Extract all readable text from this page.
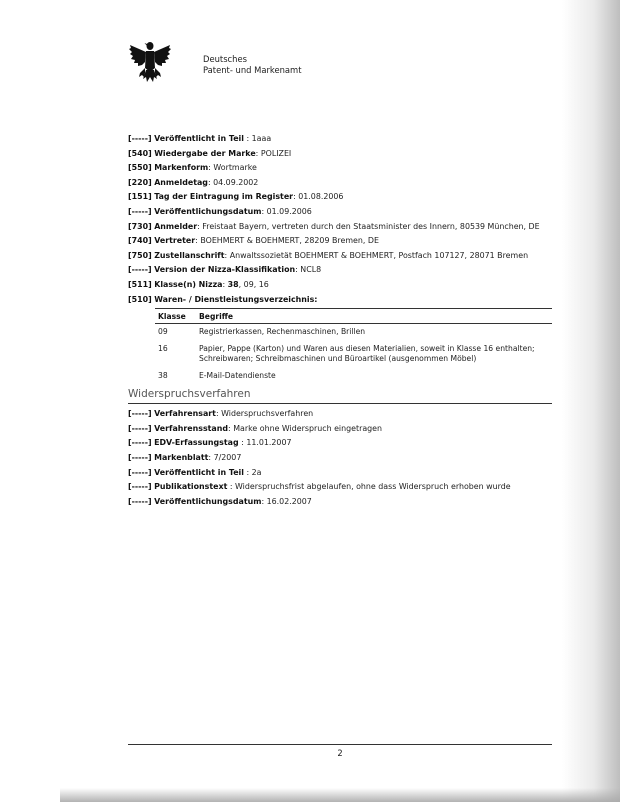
Deutsches
Patent- und Markenamt
[-----] Veröffentlicht in Teil : 1aaa
[540] Wiedergabe der Marke: POLIZEI
[550] Markenform: Wortmarke
[220] Anmeldetag: 04.09.2002
[151] Tag der Eintragung im Register: 01.08.2006
[-----] Veröffentlichungsdatum: 01.09.2006
[730] Anmelder: Freistaat Bayern, vertreten durch den Staatsminister des Innern, 80539 München, DE
[740] Vertreter: BOEHMERT & BOEHMERT, 28209 Bremen, DE
[750] Zustellanschrift: Anwaltssozietät BOEHMERT & BOEHMERT, Postfach 107127, 28071 Bremen
[-----] Version der Nizza-Klassifikation: NCL8
[511] Klasse(n) Nizza: 38, 09, 16
[510] Waren- / Dienstleistungsverzeichnis:
Klasse	Begriffe
09	Registrierkassen, Rechenmaschinen, Brillen

16	Papier, Pappe (Karton) und Waren aus diesen Materialien, soweit in Klasse 16 enthalten;
Schreibwaren; Schreibmaschinen und Büroartikel (ausgenommen Möbel)

38	E-Mail-Datendienste
Widerspruchsverfahren
[-----] Verfahrensart: Widerspruchsverfahren
[-----] Verfahrensstand: Marke ohne Widerspruch eingetragen
[-----] EDV-Erfassungstag : 11.01.2007
[-----] Markenblatt: 7/2007
[-----] Veröffentlicht in Teil : 2a
[-----] Publikationstext : Widerspruchsfrist abgelaufen, ohne dass Widerspruch erhoben wurde
[-----] Veröffentlichungsdatum: 16.02.2007
2
